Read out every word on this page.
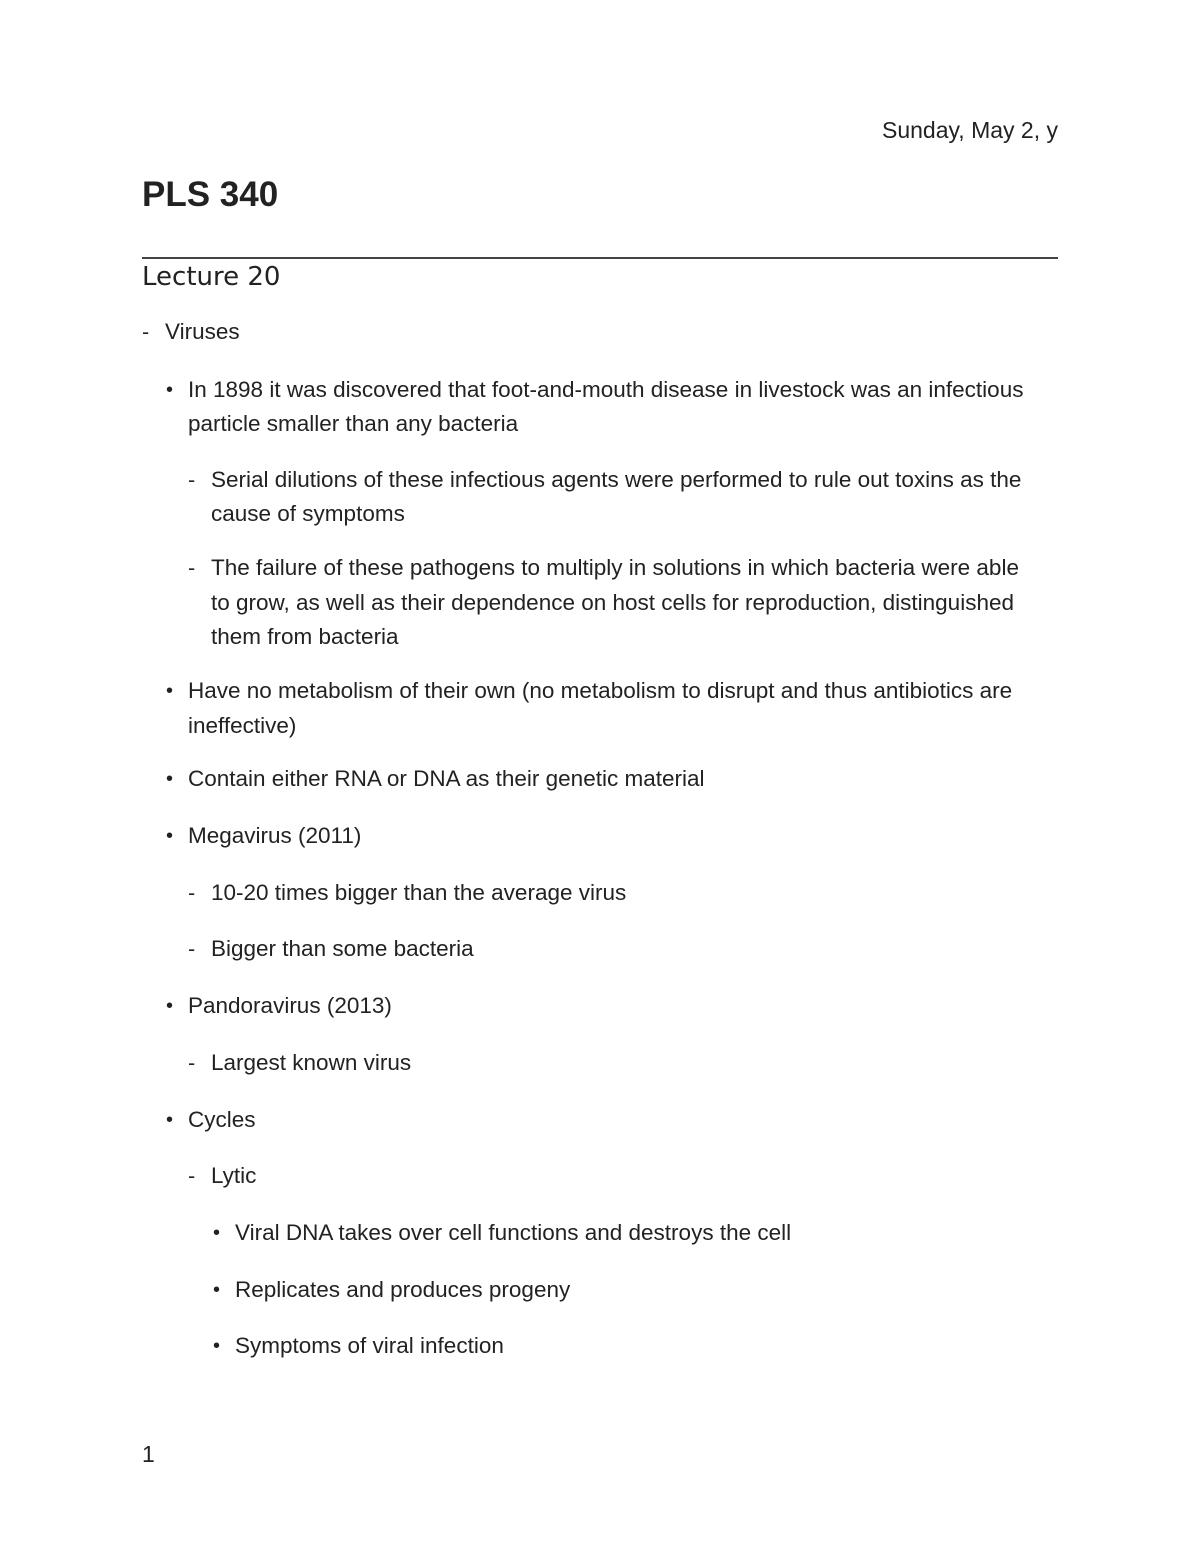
Sunday, May 2, y
PLS 340
Lecture 20
- Viruses
• In 1898 it was discovered that foot-and-mouth disease in livestock was an infectious
particle smaller than any bacteria
- Serial dilutions of these infectious agents were performed to rule out toxins as the
cause of symptoms
- The failure of these pathogens to multiply in solutions in which bacteria were able
to grow, as well as their dependence on host cells for reproduction, distinguished
them from bacteria
• Have no metabolism of their own (no metabolism to disrupt and thus antibiotics are
ineffective)
• Contain either RNA or DNA as their genetic material
• Megavirus (2011)
- 10-20 times bigger than the average virus
- Bigger than some bacteria
• Pandoravirus (2013)
- Largest known virus
• Cycles
- Lytic
• Viral DNA takes over cell functions and destroys the cell
• Replicates and produces progeny
• Symptoms of viral infection
1
